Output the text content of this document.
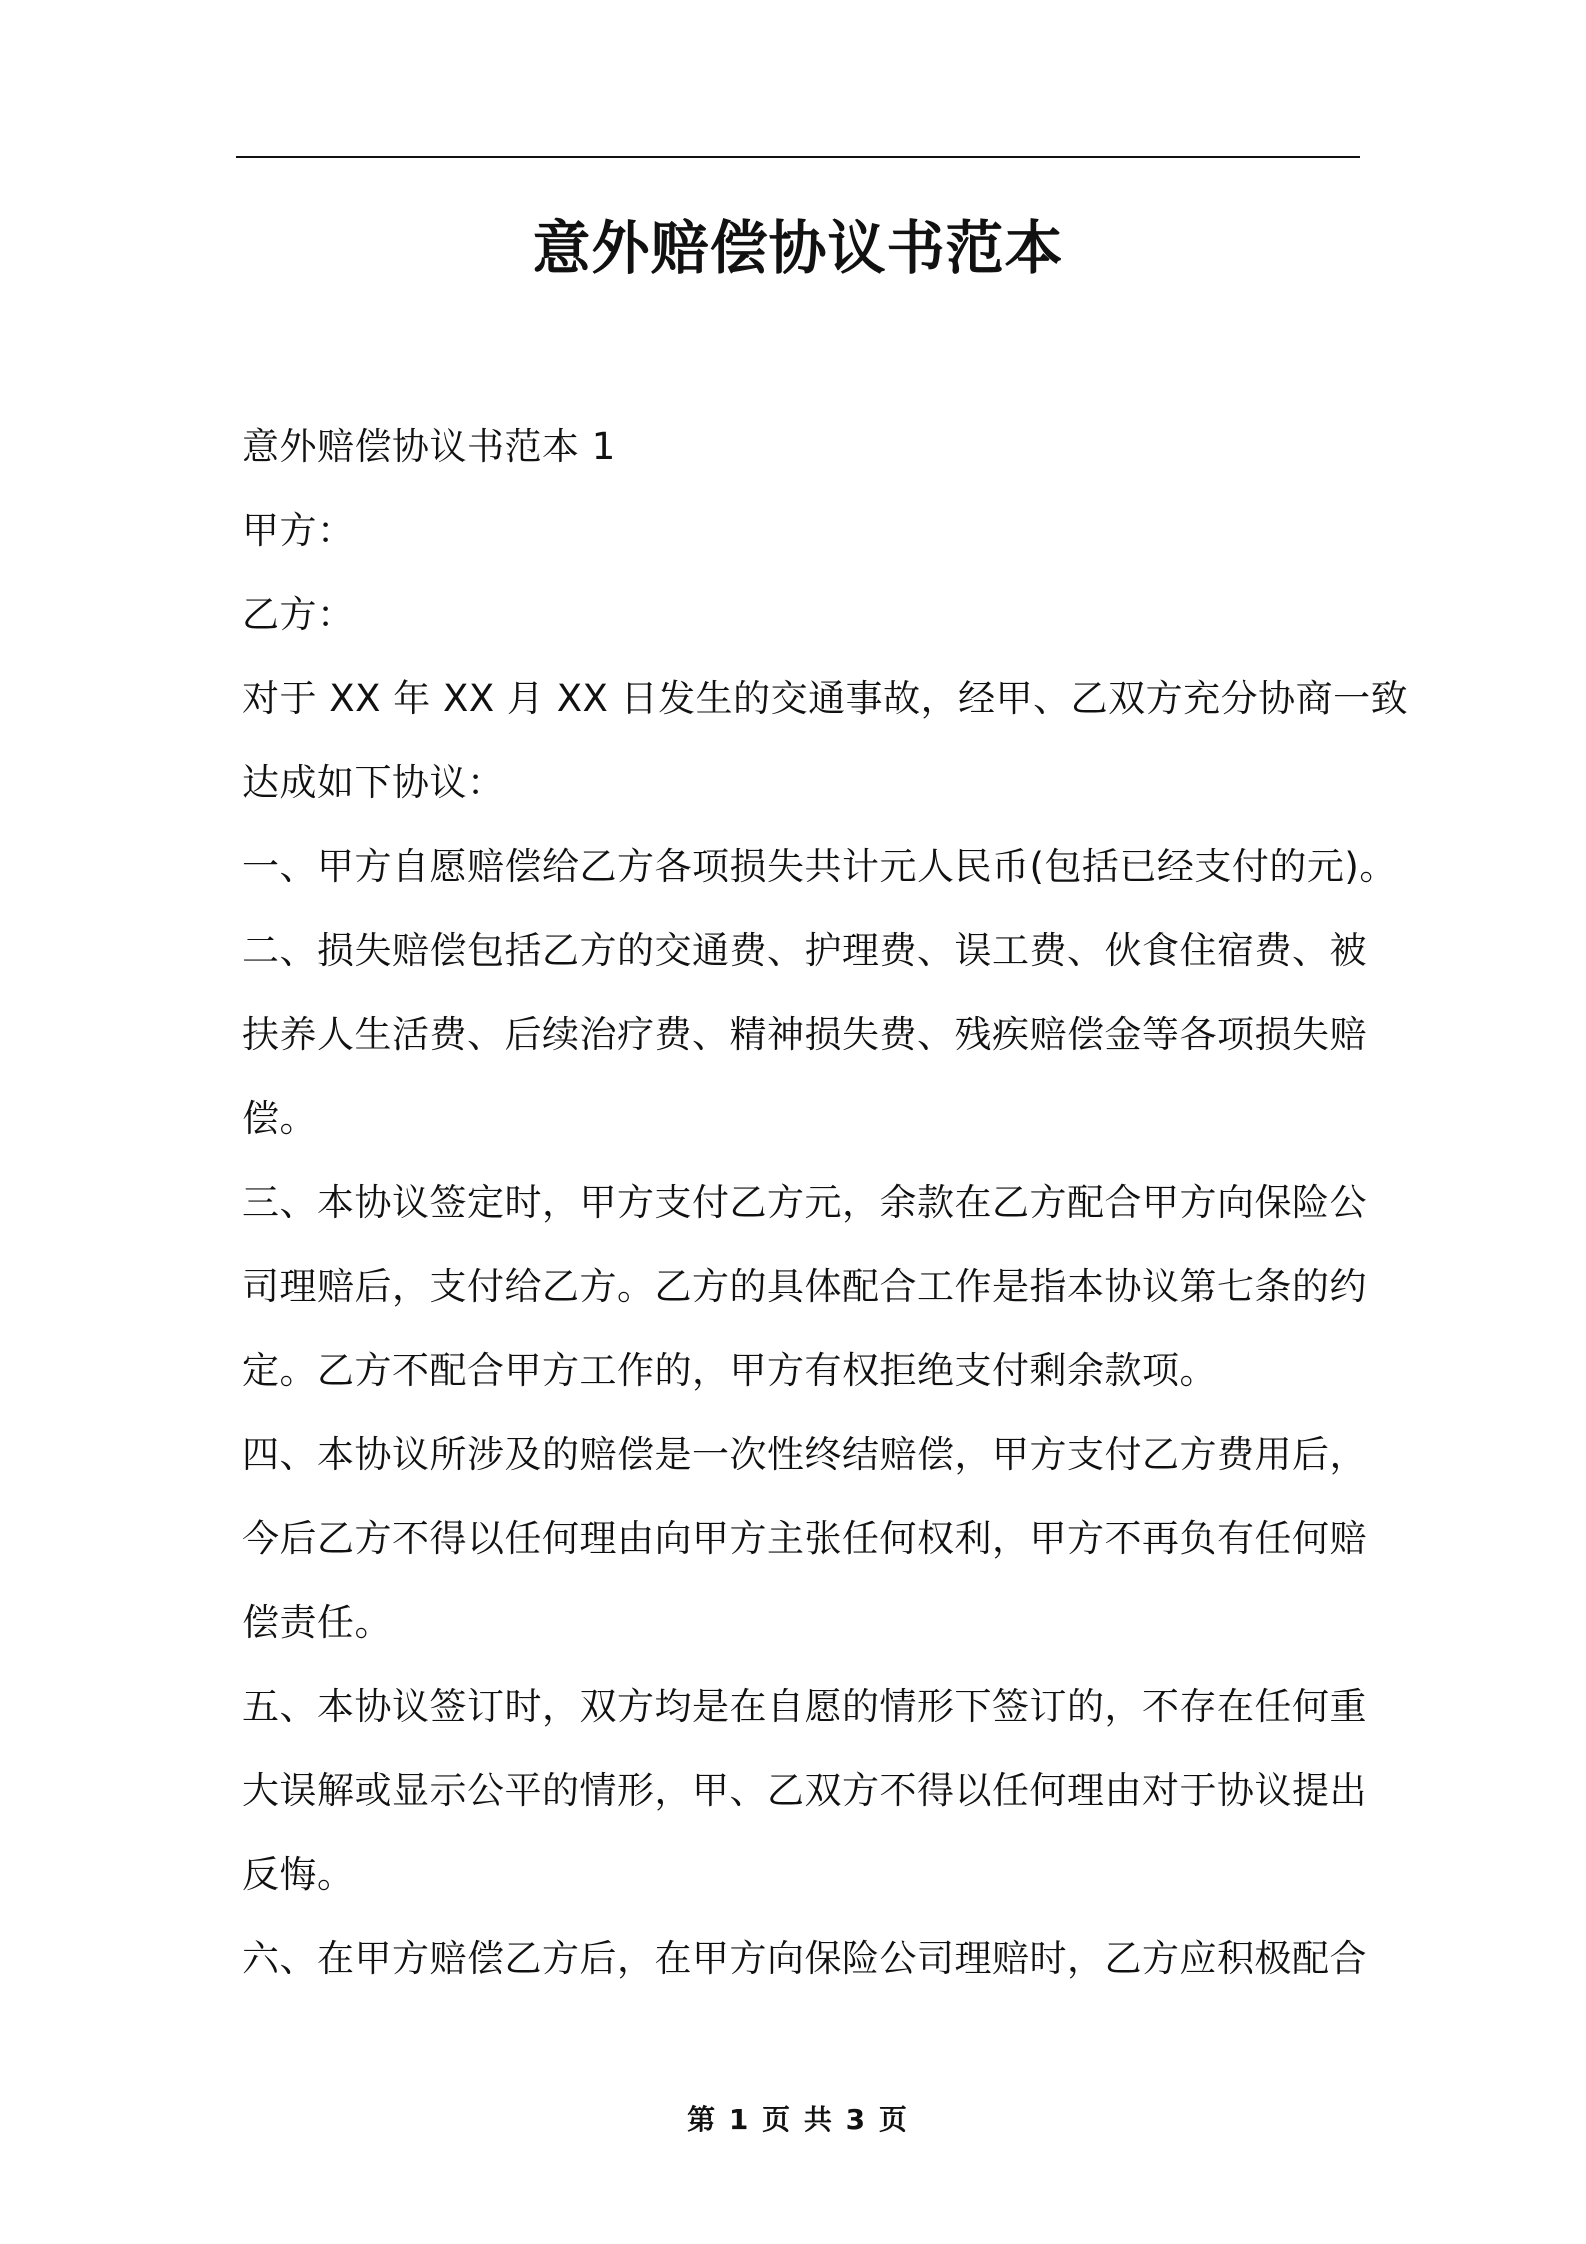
意外赔偿协议书范本
意外赔偿协议书范本 1
甲方：
乙方：
对于 XX 年 XX 月 XX 日发生的交通事故，经甲、乙双方充分协商一致
达成如下协议：
一、甲方自愿赔偿给乙方各项损失共计元人民币(包括已经支付的元)。
二、损失赔偿包括乙方的交通费、护理费、误工费、伙食住宿费、被
扶养人生活费、后续治疗费、精神损失费、残疾赔偿金等各项损失赔
偿。
三、本协议签定时，甲方支付乙方元，余款在乙方配合甲方向保险公
司理赔后，支付给乙方。乙方的具体配合工作是指本协议第七条的约
定。乙方不配合甲方工作的，甲方有权拒绝支付剩余款项。
四、本协议所涉及的赔偿是一次性终结赔偿，甲方支付乙方费用后，
今后乙方不得以任何理由向甲方主张任何权利，甲方不再负有任何赔
偿责任。
五、本协议签订时，双方均是在自愿的情形下签订的，不存在任何重
大误解或显示公平的情形，甲、乙双方不得以任何理由对于协议提出
反悔。
六、在甲方赔偿乙方后，在甲方向保险公司理赔时，乙方应积极配合
第 1 页 共 3 页
